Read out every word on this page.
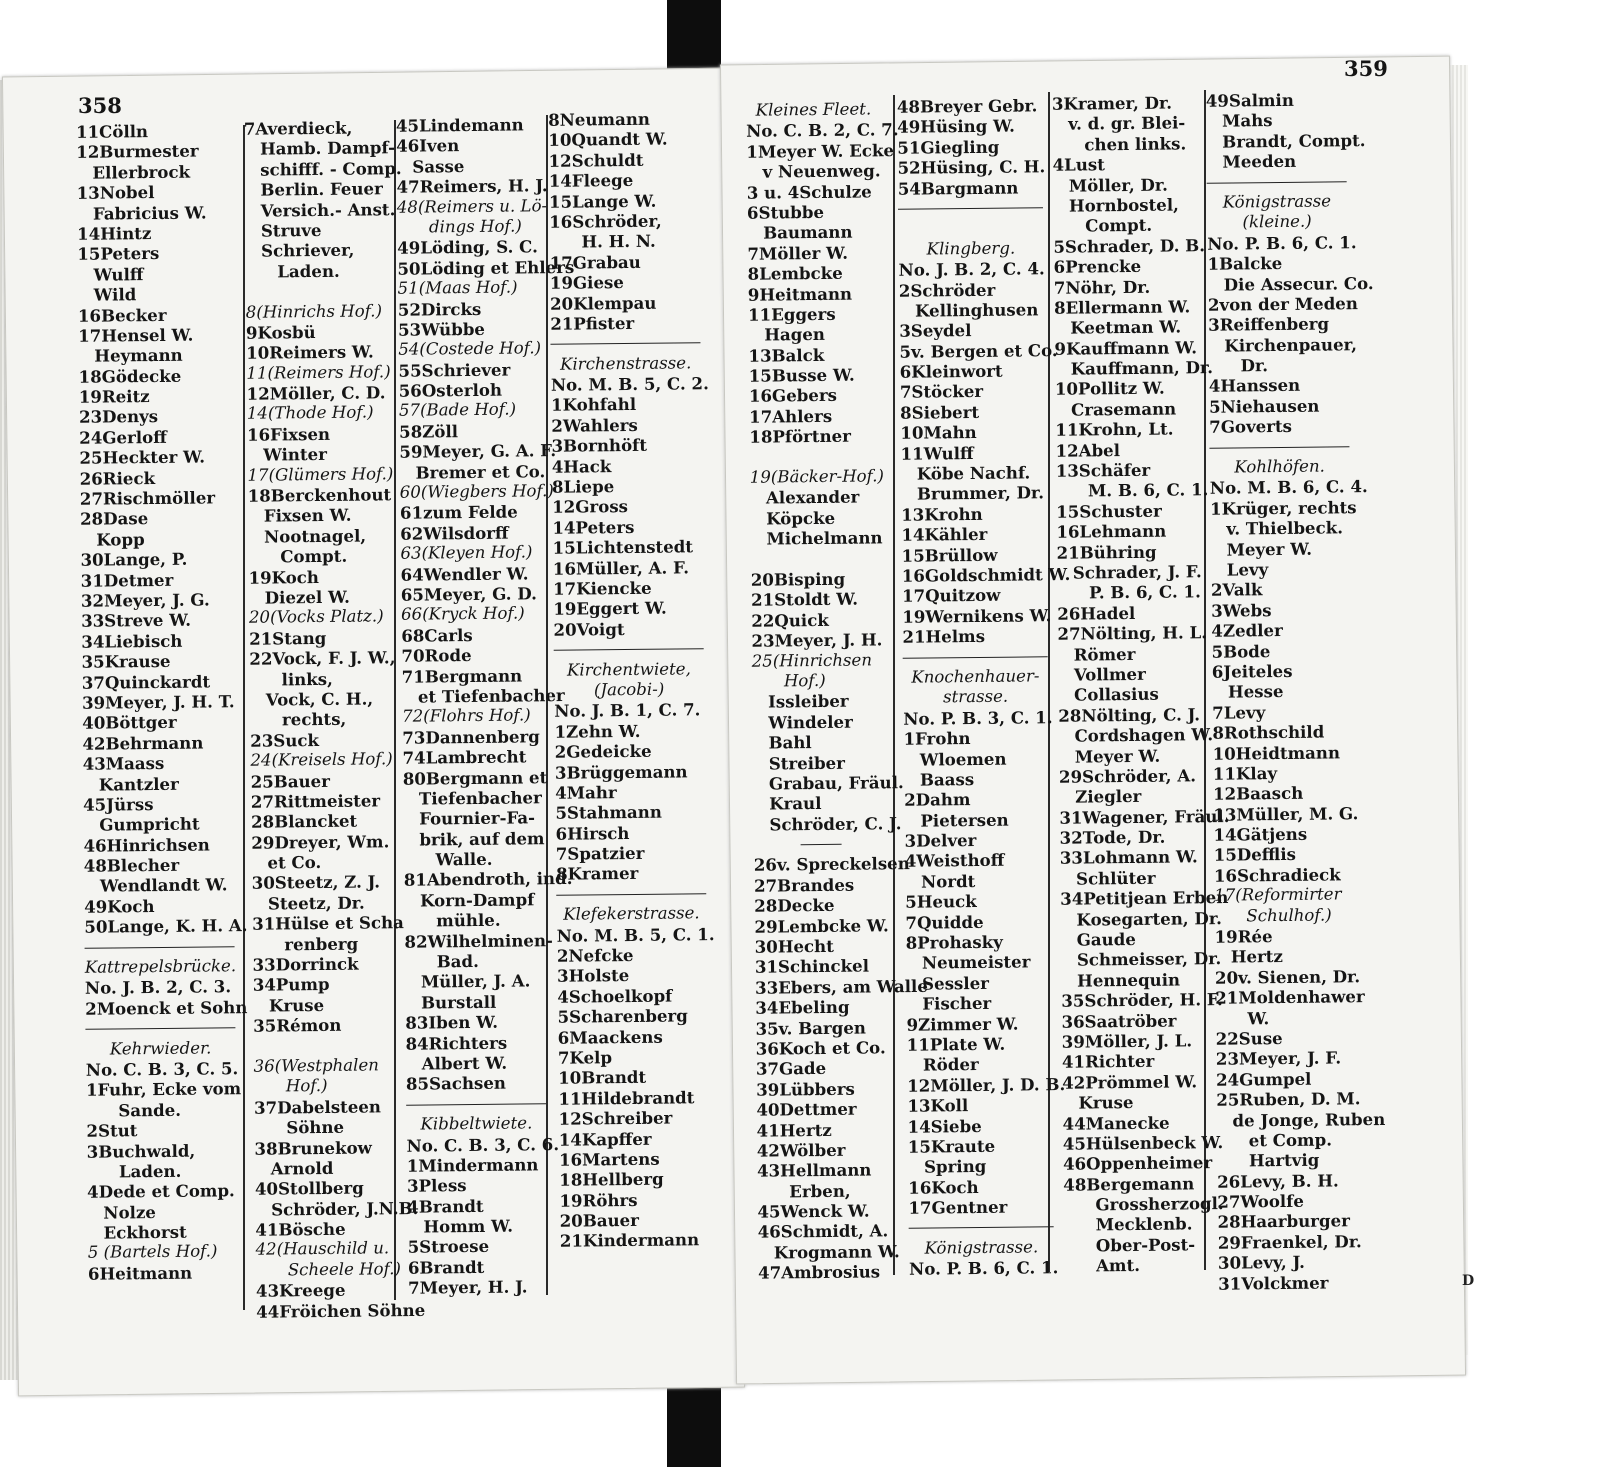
358
359
11Cölln
12Burmester
Ellerbrock
13Nobel
Fabricius W.
14Hintz
15Peters
Wulff
Wild
16Becker
17Hensel W.
Heymann
18Gödecke
19Reitz
23Denys
24Gerloff
25Heckter W.
26Rieck
27Rischmöller
28Dase
Kopp
30Lange, P.
31Detmer
32Meyer, J. G.
33Streve W.
34Liebisch
35Krause
37Quinckardt
39Meyer, J. H. T.
40Böttger
42Behrmann
43Maass
Kantzler
45Jürss
Gumpricht
46Hinrichsen
48Blecher
Wendlandt W.
49Koch
50Lange, K. H. A.
Kattrepelsbrücke.
No. J. B. 2, C. 3.
2Moenck et Sohn
Kehrwieder.
No. C. B. 3, C. 5.
1Fuhr, Ecke vom
Sande.
2Stut
3Buchwald,
Laden.
4Dede et Comp.
Nolze
Eckhorst
5 (Bartels Hof.)
6Heitmann
7Averdieck,
Hamb. Dampf-
schifff. - Comp.
Berlin. Feuer
Versich.- Anst.
Struve
Schriever,
Laden.
8(Hinrichs Hof.)
9Kosbü
10Reimers W.
11(Reimers Hof.)
12Möller, C. D.
14(Thode Hof.)
16Fixsen
Winter
17(Glümers Hof.)
18Berckenhout
Fixsen W.
Nootnagel,
Compt.
19Koch
Diezel W.
20(Vocks Platz.)
21Stang
22Vock, F. J. W.,
links,
Vock, C. H.,
rechts,
23Suck
24(Kreisels Hof.)
25Bauer
27Rittmeister
28Blancket
29Dreyer, Wm.
et Co.
30Steetz, Z. J.
Steetz, Dr.
31Hülse et Scha
renberg
33Dorrinck
34Pump
Kruse
35Rémon
36(Westphalen
Hof.)
37Dabelsteen
Söhne
38Brunekow
Arnold
40Stollberg
Schröder, J.N.B.
41Bösche
42(Hauschild u.
Scheele Hof.)
43Kreege
44Fröichen Söhne
45Lindemann
46Iven
Sasse
47Reimers, H. J.
48(Reimers u. Lö-
dings Hof.)
49Löding, S. C.
50Löding et Ehlers
51(Maas Hof.)
52Dircks
53Wübbe
54(Costede Hof.)
55Schriever
56Osterloh
57(Bade Hof.)
58Zöll
59Meyer, G. A. F.
Bremer et Co.
60(Wiegbers Hof.)
61zum Felde
62Wilsdorff
63(Kleyen Hof.)
64Wendler W.
65Meyer, G. D.
66(Kryck Hof.)
68Carls
70Rode
71Bergmann
et Tiefenbacher
72(Flohrs Hof.)
73Dannenberg
74Lambrecht
80Bergmann et
Tiefenbacher
Fournier-Fa-
brik, auf dem
Walle.
81Abendroth, ind.
Korn-Dampf
mühle.
82Wilhelminen-
Bad.
Müller, J. A.
Burstall
83Iben W.
84Richters
Albert W.
85Sachsen
Kibbeltwiete.
No. C. B. 3, C. 6.
1Mindermann
3Pless
4Brandt
Homm W.
5Stroese
6Brandt
7Meyer, H. J.
8Neumann
10Quandt W.
12Schuldt
14Fleege
15Lange W.
16Schröder,
H. H. N.
17Grabau
19Giese
20Klempau
21Pfister
Kirchenstrasse.
No. M. B. 5, C. 2.
1Kohfahl
2Wahlers
3Bornhöft
4Hack
8Liepe
12Gross
14Peters
15Lichtenstedt
16Müller, A. F.
17Kiencke
19Eggert W.
20Voigt
Kirchentwiete,
(Jacobi-)
No. J. B. 1, C. 7.
1Zehn W.
2Gedeicke
3Brüggemann
4Mahr
5Stahmann
6Hirsch
7Spatzier
8Kramer
Klefekerstrasse.
No. M. B. 5, C. 1.
2Nefcke
3Holste
4Schoelkopf
5Scharenberg
6Maackens
7Kelp
10Brandt
11Hildebrandt
12Schreiber
14Kapffer
16Martens
18Hellberg
19Röhrs
20Bauer
21Kindermann
Kleines Fleet.
No. C. B. 2, C. 7.
1Meyer W. Ecke
v Neuenweg.
3 u. 4Schulze
6Stubbe
Baumann
7Möller W.
8Lembcke
9Heitmann
11Eggers
Hagen
13Balck
15Busse W.
16Gebers
17Ahlers
18Pförtner
19(Bäcker-Hof.)
Alexander
Köpcke
Michelmann
20Bisping
21Stoldt W.
22Quick
23Meyer, J. H.
25(Hinrichsen
Hof.)
Issleiber
Windeler
Bahl
Streiber
Grabau, Fräul.
Kraul
Schröder, C. J.
26v. Spreckelsen
27Brandes
28Decke
29Lembcke W.
30Hecht
31Schinckel
33Ebers, am Walle
34Ebeling
35v. Bargen
36Koch et Co.
37Gade
39Lübbers
40Dettmer
41Hertz
42Wölber
43Hellmann
Erben,
45Wenck W.
46Schmidt, A.
Krogmann W.
47Ambrosius
48Breyer Gebr.
49Hüsing W.
51Giegling
52Hüsing, C. H.
54Bargmann
Klingberg.
No. J. B. 2, C. 4.
2Schröder
Kellinghusen
3Seydel
5v. Bergen et Co.
6Kleinwort
7Stöcker
8Siebert
10Mahn
11Wulff
Köbe Nachf.
Brummer, Dr.
13Krohn
14Kähler
15Brüllow
16Goldschmidt W.
17Quitzow
19Wernikens W.
21Helms
Knochenhauer-
strasse.
No. P. B. 3, C. 1.
1Frohn
Wloemen
Baass
2Dahm
Pietersen
3Delver
4Weisthoff
Nordt
5Heuck
7Quidde
8Prohasky
Neumeister
Sessler
Fischer
9Zimmer W.
11Plate W.
Röder
12Möller, J. D. B.
13Koll
14Siebe
15Kraute
Spring
16Koch
17Gentner
Königstrasse.
No. P. B. 6, C. 1.
3Kramer, Dr.
v. d. gr. Blei-
chen links.
4Lust
Möller, Dr.
Hornbostel,
Compt.
5Schrader, D. B.
6Prencke
7Nöhr, Dr.
8Ellermann W.
Keetman W.
9Kauffmann W.
Kauffmann, Dr.
10Pollitz W.
Crasemann
11Krohn, Lt.
12Abel
13Schäfer
M. B. 6, C. 1.
15Schuster
16Lehmann
21Bühring
Schrader, J. F.
P. B. 6, C. 1.
26Hadel
27Nölting, H. L.
Römer
Vollmer
Collasius
28Nölting, C. J.
Cordshagen W.
Meyer W.
29Schröder, A.
Ziegler
31Wagener, Fräul.
32Tode, Dr.
33Lohmann W.
Schlüter
34Petitjean Erben
Kosegarten, Dr.
Gaude
Schmeisser, Dr.
Hennequin
35Schröder, H. F.
36Saatröber
39Möller, J. L.
41Richter
42Prömmel W.
Kruse
44Manecke
45Hülsenbeck W.
46Oppenheimer
48Bergemann
Grossherzogl.
Mecklenb.
Ober-Post-
Amt.
49Salmin
Mahs
Brandt, Compt.
Meeden
Königstrasse
(kleine.)
No. P. B. 6, C. 1.
1Balcke
Die Assecur. Co.
2von der Meden
3Reiffenberg
Kirchenpauer,
Dr.
4Hanssen
5Niehausen
7Goverts
Kohlhöfen.
No. M. B. 6, C. 4.
1Krüger, rechts
v. Thielbeck.
Meyer W.
Levy
2Valk
3Webs
4Zedler
5Bode
6Jeiteles
Hesse
7Levy
8Rothschild
10Heidtmann
11Klay
12Baasch
13Müller, M. G.
14Gätjens
15Defflis
16Schradieck
17(Reformirter
Schulhof.)
19Rée
Hertz
20v. Sienen, Dr.
21Moldenhawer
W.
22Suse
23Meyer, J. F.
24Gumpel
25Ruben, D. M.
de Jonge, Ruben
et Comp.
Hartvig
26Levy, B. H.
27Woolfe
28Haarburger
29Fraenkel, Dr.
30Levy, J.
31Volckmer	D
